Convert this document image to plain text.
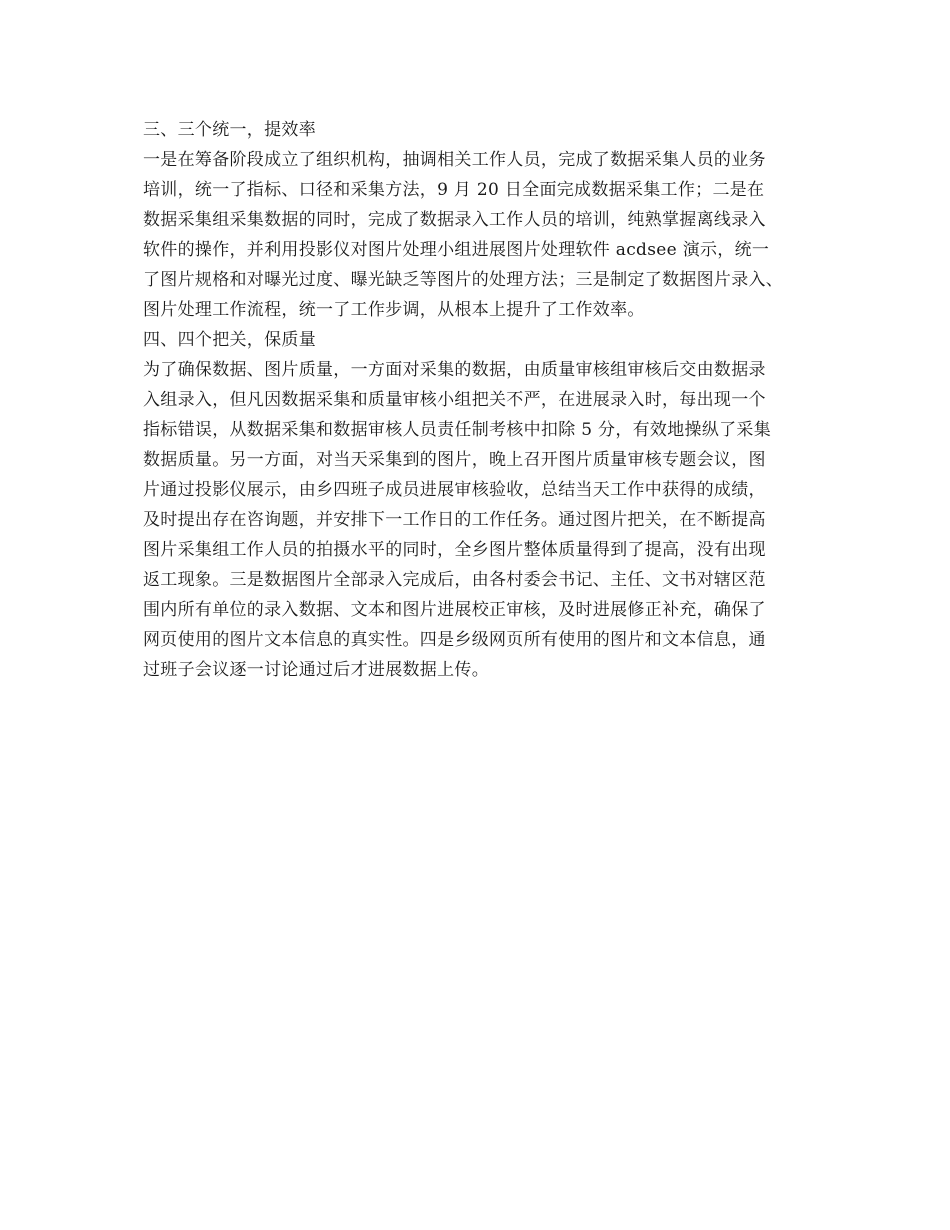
三、三个统一，提效率
一是在筹备阶段成立了组织机构，抽调相关工作人员，完成了数据采集人员的业务
培训，统一了指标、口径和采集方法，9 月 20 日全面完成数据采集工作；二是在
数据采集组采集数据的同时，完成了数据录入工作人员的培训，纯熟掌握离线录入
软件的操作，并利用投影仪对图片处理小组进展图片处理软件 acdsee 演示，统一
了图片规格和对曝光过度、曝光缺乏等图片的处理方法；三是制定了数据图片录入、
图片处理工作流程，统一了工作步调，从根本上提升了工作效率。
四、四个把关，保质量
为了确保数据、图片质量，一方面对采集的数据，由质量审核组审核后交由数据录
入组录入，但凡因数据采集和质量审核小组把关不严，在进展录入时，每出现一个
指标错误，从数据采集和数据审核人员责任制考核中扣除 5 分，有效地操纵了采集
数据质量。另一方面，对当天采集到的图片，晚上召开图片质量审核专题会议，图
片通过投影仪展示，由乡四班子成员进展审核验收，总结当天工作中获得的成绩，
及时提出存在咨询题，并安排下一工作日的工作任务。通过图片把关，在不断提高
图片采集组工作人员的拍摄水平的同时，全乡图片整体质量得到了提高，没有出现
返工现象。三是数据图片全部录入完成后，由各村委会书记、主任、文书对辖区范
围内所有单位的录入数据、文本和图片进展校正审核，及时进展修正补充，确保了
网页使用的图片文本信息的真实性。四是乡级网页所有使用的图片和文本信息，通
过班子会议逐一讨论通过后才进展数据上传。
